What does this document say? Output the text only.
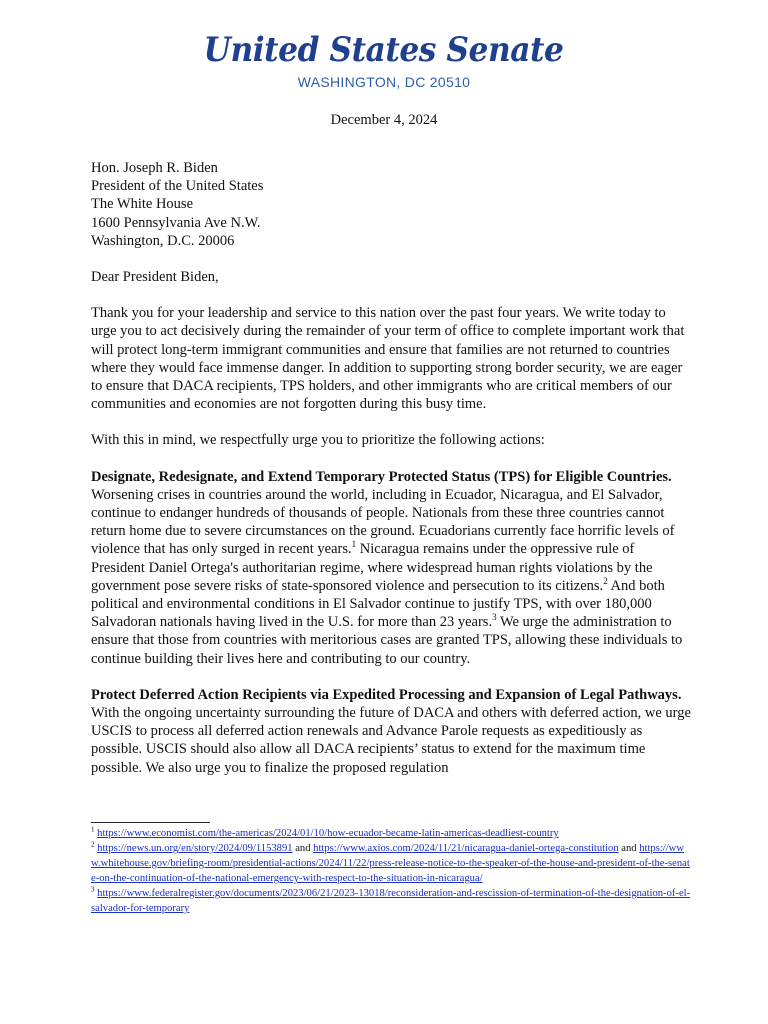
United States Senate
WASHINGTON, DC 20510
December 4, 2024
Hon. Joseph R. Biden
President of the United States
The White House
1600 Pennsylvania Ave N.W.
Washington, D.C. 20006

Dear President Biden,

Thank you for your leadership and service to this nation over the past four years. We write today to urge you to act decisively during the remainder of your term of office to complete important work that will protect long-term immigrant communities and ensure that families are not returned to countries where they would face immense danger. In addition to supporting strong border security, we are eager to ensure that DACA recipients, TPS holders, and other immigrants who are critical members of our communities and economies are not forgotten during this busy time.

With this in mind, we respectfully urge you to prioritize the following actions:

Designate, Redesignate, and Extend Temporary Protected Status (TPS) for Eligible Countries. Worsening crises in countries around the world, including in Ecuador, Nicaragua, and El Salvador, continue to endanger hundreds of thousands of people. Nationals from these three countries cannot return home due to severe circumstances on the ground. Ecuadorians currently face horrific levels of violence that has only surged in recent years.$^1$ Nicaragua remains under the oppressive rule of President Daniel Ortega's authoritarian regime, where widespread human rights violations by the government pose severe risks of state-sponsored violence and persecution to its citizens.$^2$ And both political and environmental conditions in El Salvador continue to justify TPS, with over 180,000 Salvadoran nationals having lived in the U.S. for more than 23 years.$^3$ We urge the administration to ensure that those from countries with meritorious cases are granted TPS, allowing these individuals to continue building their lives here and contributing to our country.

Protect Deferred Action Recipients via Expedited Processing and Expansion of Legal Pathways. With the ongoing uncertainty surrounding the future of DACA and others with deferred action, we urge USCIS to process all deferred action renewals and Advance Parole requests as expeditiously as possible. USCIS should also allow all DACA recipients’ status to extend for the maximum time possible. We also urge you to finalize the proposed regulation

$^1$ https://www.economist.com/the-americas/2024/01/10/how-ecuador-became-latin-americas-deadliest-country
$^2$ https://news.un.org/en/story/2024/09/1153891 and https://www.axios.com/2024/11/21/nicaragua-daniel-ortega-constitution and https://www.whitehouse.gov/briefing-room/presidential-actions/2024/11/22/press-release-notice-to-the-speaker-of-the-house-and-president-of-the-senate-on-the-continuation-of-the-national-emergency-with-respect-to-the-situation-in-nicaragua/
$^3$ https://www.federalregister.gov/documents/2023/06/21/2023-13018/reconsideration-and-rescission-of-termination-of-the-designation-of-el-salvador-for-temporary
